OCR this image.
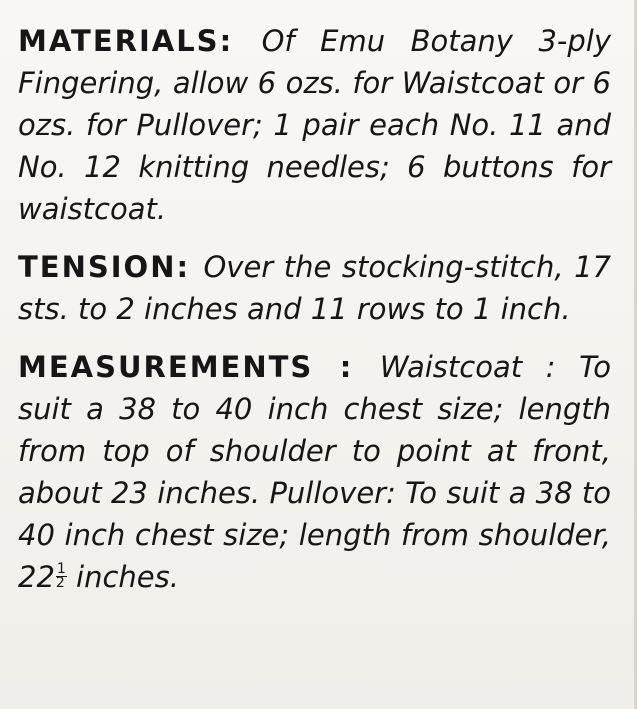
MATERIALS: Of Emu Botany 3-ply Fingering, allow 6 ozs. for Waistcoat or 6 ozs. for Pullover; 1 pair each No. 11 and No. 12 knitting needles; 6 buttons for waistcoat.

TENSION: Over the stocking-stitch, 17 sts. to 2 inches and 11 rows to 1 inch.

MEASUREMENTS : Waistcoat : To suit a 38 to 40 inch chest size; length from top of shoulder to point at front, about 23 inches. Pullover: To suit a 38 to 40 inch chest size; length from shoulder, $22 \frac{1}{2}$ inches.
